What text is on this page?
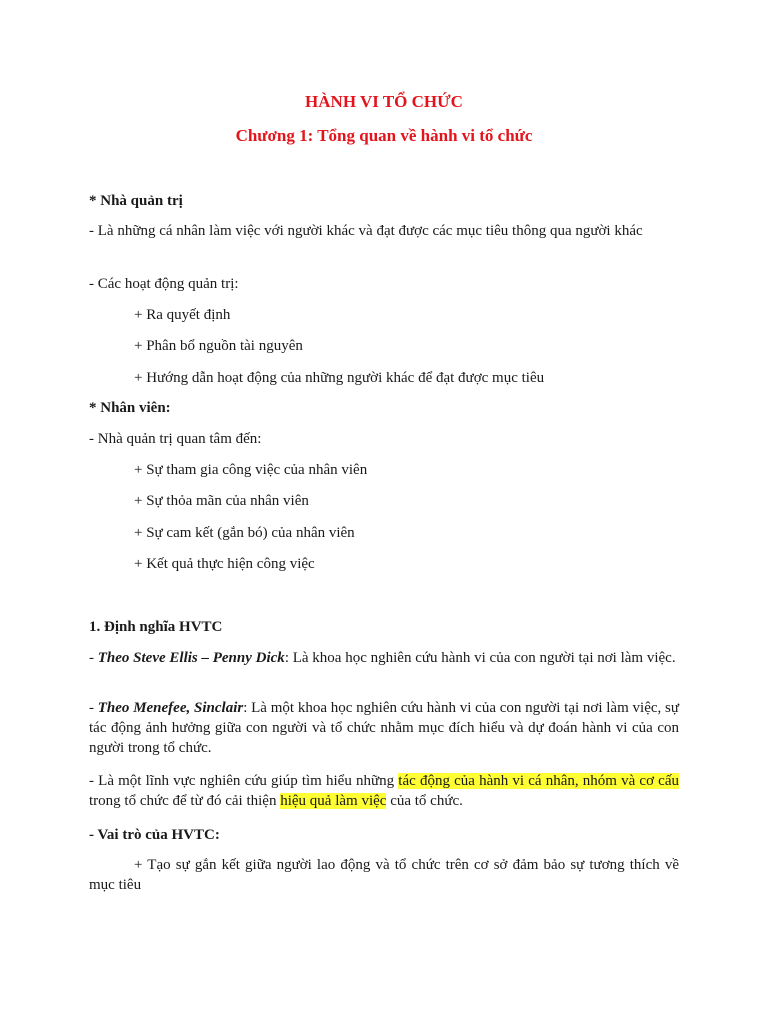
HÀNH VI TỔ CHỨC
Chương 1: Tổng quan về hành vi tổ chức
* Nhà quản trị
- Là những cá nhân làm việc với người khác và đạt được các mục tiêu thông qua người khác
- Các hoạt động quản trị:
+ Ra quyết định
+ Phân bổ nguồn tài nguyên
+ Hướng dẫn hoạt động của những người khác để đạt được mục tiêu
* Nhân viên:
- Nhà quản trị quan tâm đến:
+ Sự tham gia công việc của nhân viên
+ Sự thỏa mãn của nhân viên
+ Sự cam kết (gắn bó) của nhân viên
+ Kết quả thực hiện công việc
1. Định nghĩa HVTC
- Theo Steve Ellis – Penny Dick: Là khoa học nghiên cứu hành vi của con người tại nơi làm việc.
- Theo Menefee, Sinclair: Là một khoa học nghiên cứu hành vi của con người tại nơi làm việc, sự tác động ảnh hưởng giữa con người và tổ chức nhằm mục đích hiểu và dự đoán hành vi của con người trong tổ chức.
- Là một lĩnh vực nghiên cứu giúp tìm hiểu những tác động của hành vi cá nhân, nhóm và cơ cấu trong tổ chức để từ đó cải thiện hiệu quả làm việc của tổ chức.
- Vai trò của HVTC:
+ Tạo sự gắn kết giữa người lao động và tổ chức trên cơ sở đảm bảo sự tương thích về mục tiêu
